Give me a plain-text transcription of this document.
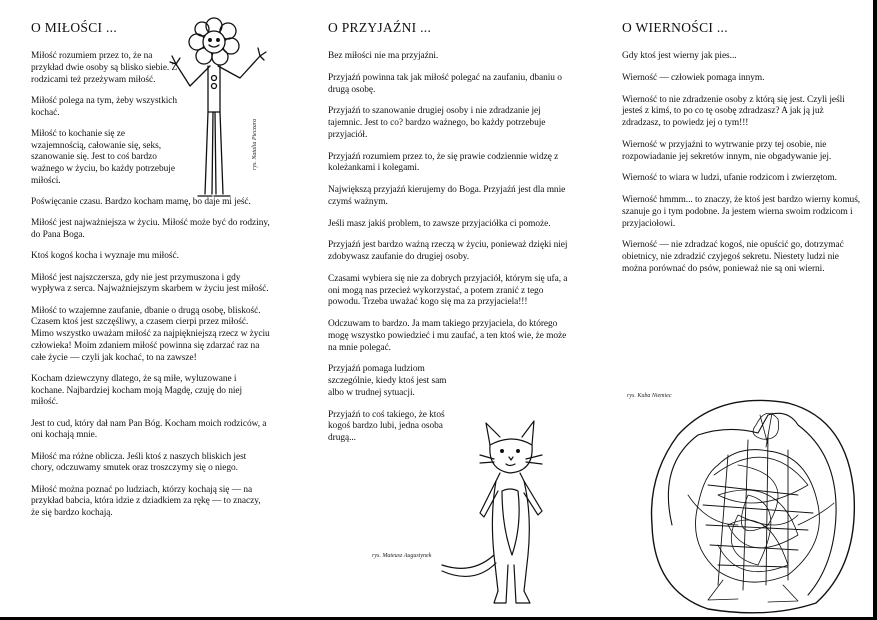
O MIŁOŚCI ...

Miłość rozumiem przez to, że na przykład dwie osoby są blisko siebie. Z rodzicami też przeżywam miłość.

Miłość polega na tym, żeby wszystkich kochać.

Miłość to kochanie się ze wzajemnością, całowanie się, seks, szanowanie się. Jest to coś bardzo ważnego w życiu, bo każdy potrzebuje miłości.

Poświęcanie czasu. Bardzo kocham mamę, bo daje mi jeść.

Miłość jest najważniejsza w życiu. Miłość może być do rodziny, do Pana Boga.

Ktoś kogoś kocha i wyznaje mu miłość.

Miłość jest najszczersza, gdy nie jest przymuszona i gdy wypływa z serca. Najważniejszym skarbem w życiu jest miłość.

Miłość to wzajemne zaufanie, dbanie o drugą osobę, bliskość. Czasem ktoś jest szczęśliwy, a czasem cierpi przez miłość. Mimo wszystko uważam miłość za najpiękniejszą rzecz w życiu człowieka! Moim zdaniem miłość powinna się zdarzać raz na całe życie — czyli jak kochać, to na zawsze!

Kocham dziewczyny dlatego, że są miłe, wyluzowane i kochane. Najbardziej kocham moją Magdę, czuję do niej miłość.

Jest to cud, który dał nam Pan Bóg. Kocham moich rodziców, a oni kochają mnie.

Miłość ma różne oblicza. Jeśli ktoś z naszych bliskich jest chory, odczuwamy smutek oraz troszczymy się o niego.

Miłość można poznać po ludziach, którzy kochają się — na przykład babcia, która idzie z dziadkiem za rękę — to znaczy, że się bardzo kochają.

rys. Natalia Pieczara
O PRZYJAŹNI ...

Bez miłości nie ma przyjaźni.

Przyjaźń powinna tak jak miłość polegać na zaufaniu, dbaniu o drugą osobę.

Przyjaźń to szanowanie drugiej osoby i nie zdradzanie jej tajemnic. Jest to co? bardzo ważnego, bo każdy potrzebuje przyjaciół.

Przyjaźń rozumiem przez to, że się prawie codziennie widzę z koleżankami i kolegami.

Największą przyjaźń kierujemy do Boga. Przyjaźń jest dla mnie czymś ważnym.

Jeśli masz jakiś problem, to zawsze przyjaciółka ci pomoże.

Przyjaźń jest bardzo ważną rzeczą w życiu, ponieważ dzięki niej zdobywasz zaufanie do drugiej osoby.

Czasami wybiera się nie za dobrych przyjaciół, którym się ufa, a oni mogą nas przecież wykorzystać, a potem zranić z tego powodu. Trzeba uważać kogo się ma za przyjaciela!!!

Odczuwam to bardzo. Ja mam takiego przyjaciela, do którego mogę wszystko powiedzieć i mu zaufać, a ten ktoś wie, że może na mnie polegać.

Przyjaźń pomaga ludziom szczególnie, kiedy ktoś jest sam albo w trudnej sytuacji.

Przyjaźń to coś takiego, że ktoś kogoś bardzo lubi, jedna osoba drugą...

rys. Mateusz Augustynek
O WIERNOŚCI ...

Gdy ktoś jest wierny jak pies...

Wierność — człowiek pomaga innym.

Wierność to nie zdradzenie osoby z którą się jest. Czyli jeśli jesteś z kimś, to po co tę osobę zdradzasz? A jak ją już zdradzasz, to powiedz jej o tym!!!

Wierność w przyjaźni to wytrwanie przy tej osobie, nie rozpowiadanie jej sekretów innym, nie obgadywanie jej.

Wierność to wiara w ludzi, ufanie rodzicom i zwierzętom.

Wierność hmmm... to znaczy, że ktoś jest bardzo wierny komuś, szanuje go i tym podobne. Ja jestem wierna swoim rodzicom i przyjaciołowi.

Wierność — nie zdradzać kogoś, nie opuścić go, dotrzymać obietnicy, nie zdradzić czyjegoś sekretu. Niestety ludzi nie można porównać do psów, ponieważ nie są oni wierni.

rys. Kuba Niemiec
